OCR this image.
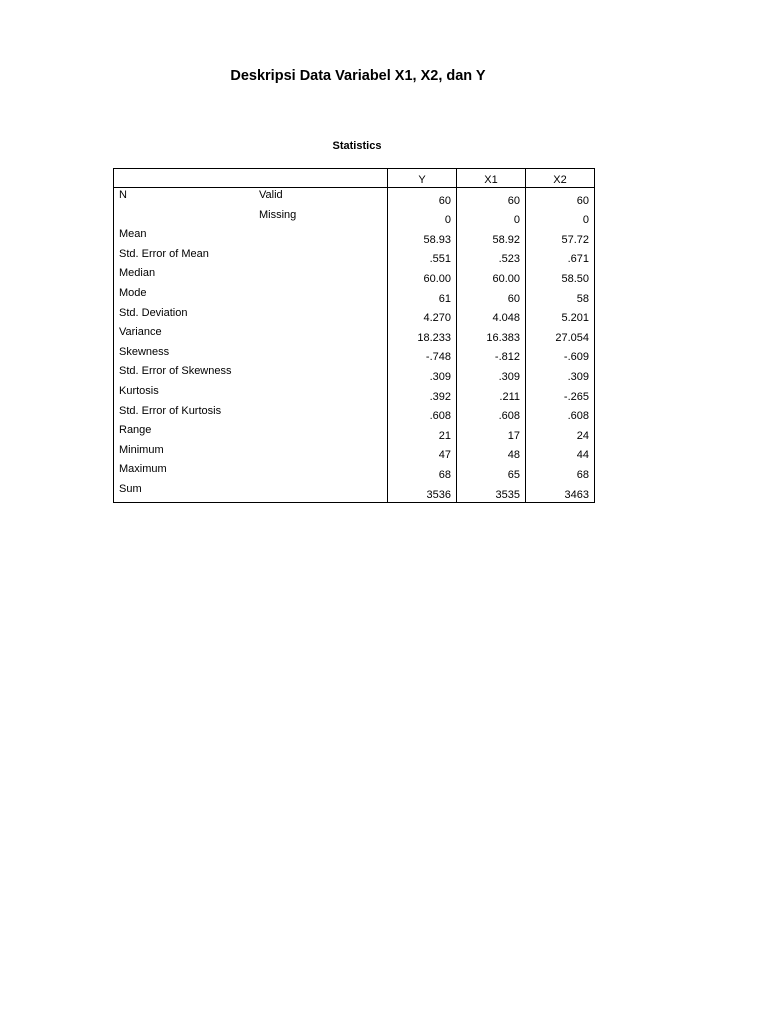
Deskripsi Data Variabel X1, X2, dan Y
Statistics
		Y	X1	X2
N	Valid	60	60	60
	Missing	0	0	0
Mean		58.93	58.92	57.72
Std. Error of Mean		.551	.523	.671
Median		60.00	60.00	58.50
Mode		61	60	58
Std. Deviation		4.270	4.048	5.201
Variance		18.233	16.383	27.054
Skewness		-.748	-.812	-.609
Std. Error of Skewness		.309	.309	.309
Kurtosis		.392	.211	-.265
Std. Error of Kurtosis		.608	.608	.608
Range		21	17	24
Minimum		47	48	44
Maximum		68	65	68
Sum		3536	3535	3463
